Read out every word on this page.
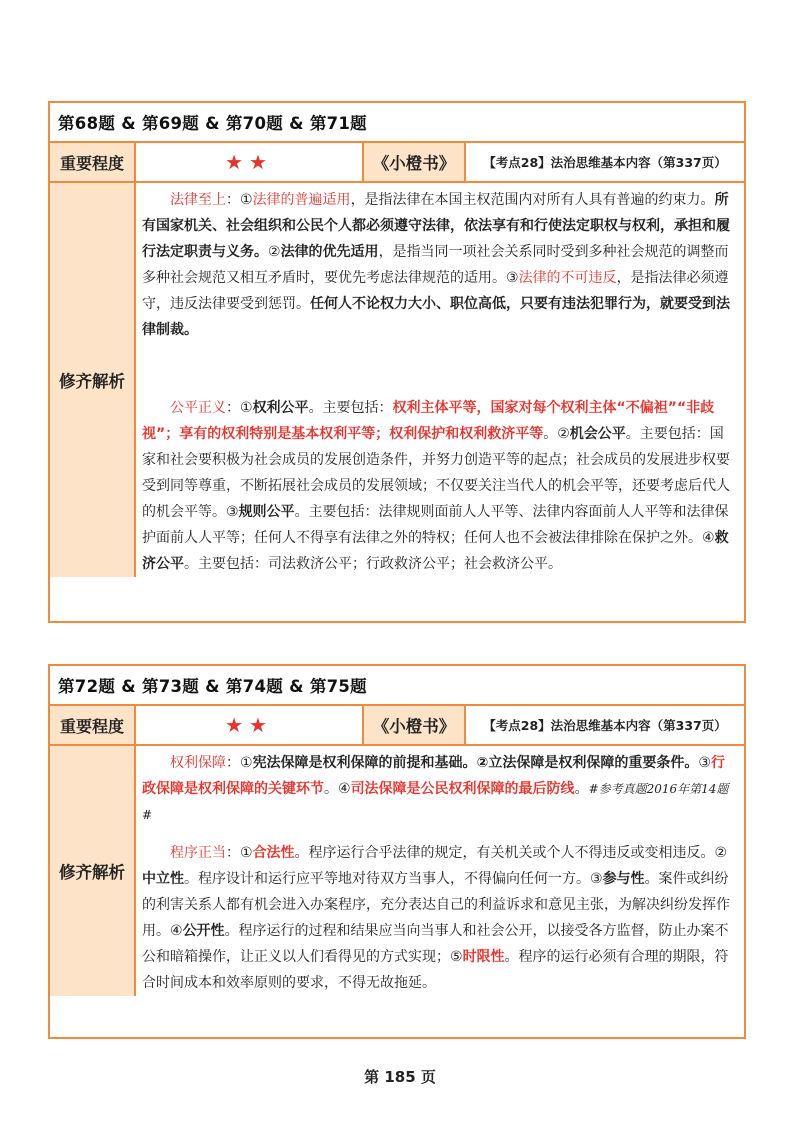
第68题 & 第69题 & 第70题 & 第71题
重要程度	★★	《小橙书》	【考点28】法治思维基本内容（第337页）
修齐解析

法律至上：①法律的普遍适用，是指法律在本国主权范围内对所有人具有普遍的约束力。所有国家机关、社会组织和公民个人都必须遵守法律，依法享有和行使法定职权与权利，承担和履行法定职责与义务。②法律的优先适用，是指当同一项社会关系同时受到多种社会规范的调整而多种社会规范又相互矛盾时，要优先考虑法律规范的适用。③法律的不可违反，是指法律必须遵守，违反法律要受到惩罚。任何人不论权力大小、职位高低，只要有违法犯罪行为，就要受到法律制裁。

公平正义：①权利公平。主要包括：权利主体平等，国家对每个权利主体“不偏袒”“非歧视”；享有的权利特别是基本权利平等；权利保护和权利救济平等。②机会公平。主要包括：国家和社会要积极为社会成员的发展创造条件，并努力创造平等的起点；社会成员的发展进步权要受到同等尊重，不断拓展社会成员的发展领域；不仅要关注当代人的机会平等，还要考虑后代人的机会平等。③规则公平。主要包括：法律规则面前人人平等、法律内容面前人人平等和法律保护面前人人平等；任何人不得享有法律之外的特权；任何人也不会被法律排除在保护之外。④救济公平。主要包括：司法救济公平；行政救济公平；社会救济公平。

第72题 & 第73题 & 第74题 & 第75题
重要程度	★★	《小橙书》	【考点28】法治思维基本内容（第337页）
修齐解析

权利保障：①宪法保障是权利保障的前提和基础。②立法保障是权利保障的重要条件。③行政保障是权利保障的关键环节。④司法保障是公民权利保障的最后防线。#参考真题2016年第14题#

程序正当：①合法性。程序运行合乎法律的规定，有关机关或个人不得违反或变相违反。②中立性。程序设计和运行应平等地对待双方当事人，不得偏向任何一方。③参与性。案件或纠纷的利害关系人都有机会进入办案程序，充分表达自己的利益诉求和意见主张，为解决纠纷发挥作用。④公开性。程序运行的过程和结果应当向当事人和社会公开，以接受各方监督，防止办案不公和暗箱操作，让正义以人们看得见的方式实现；⑤时限性。程序的运行必须有合理的期限，符合时间成本和效率原则的要求，不得无故拖延。

第 185 页
